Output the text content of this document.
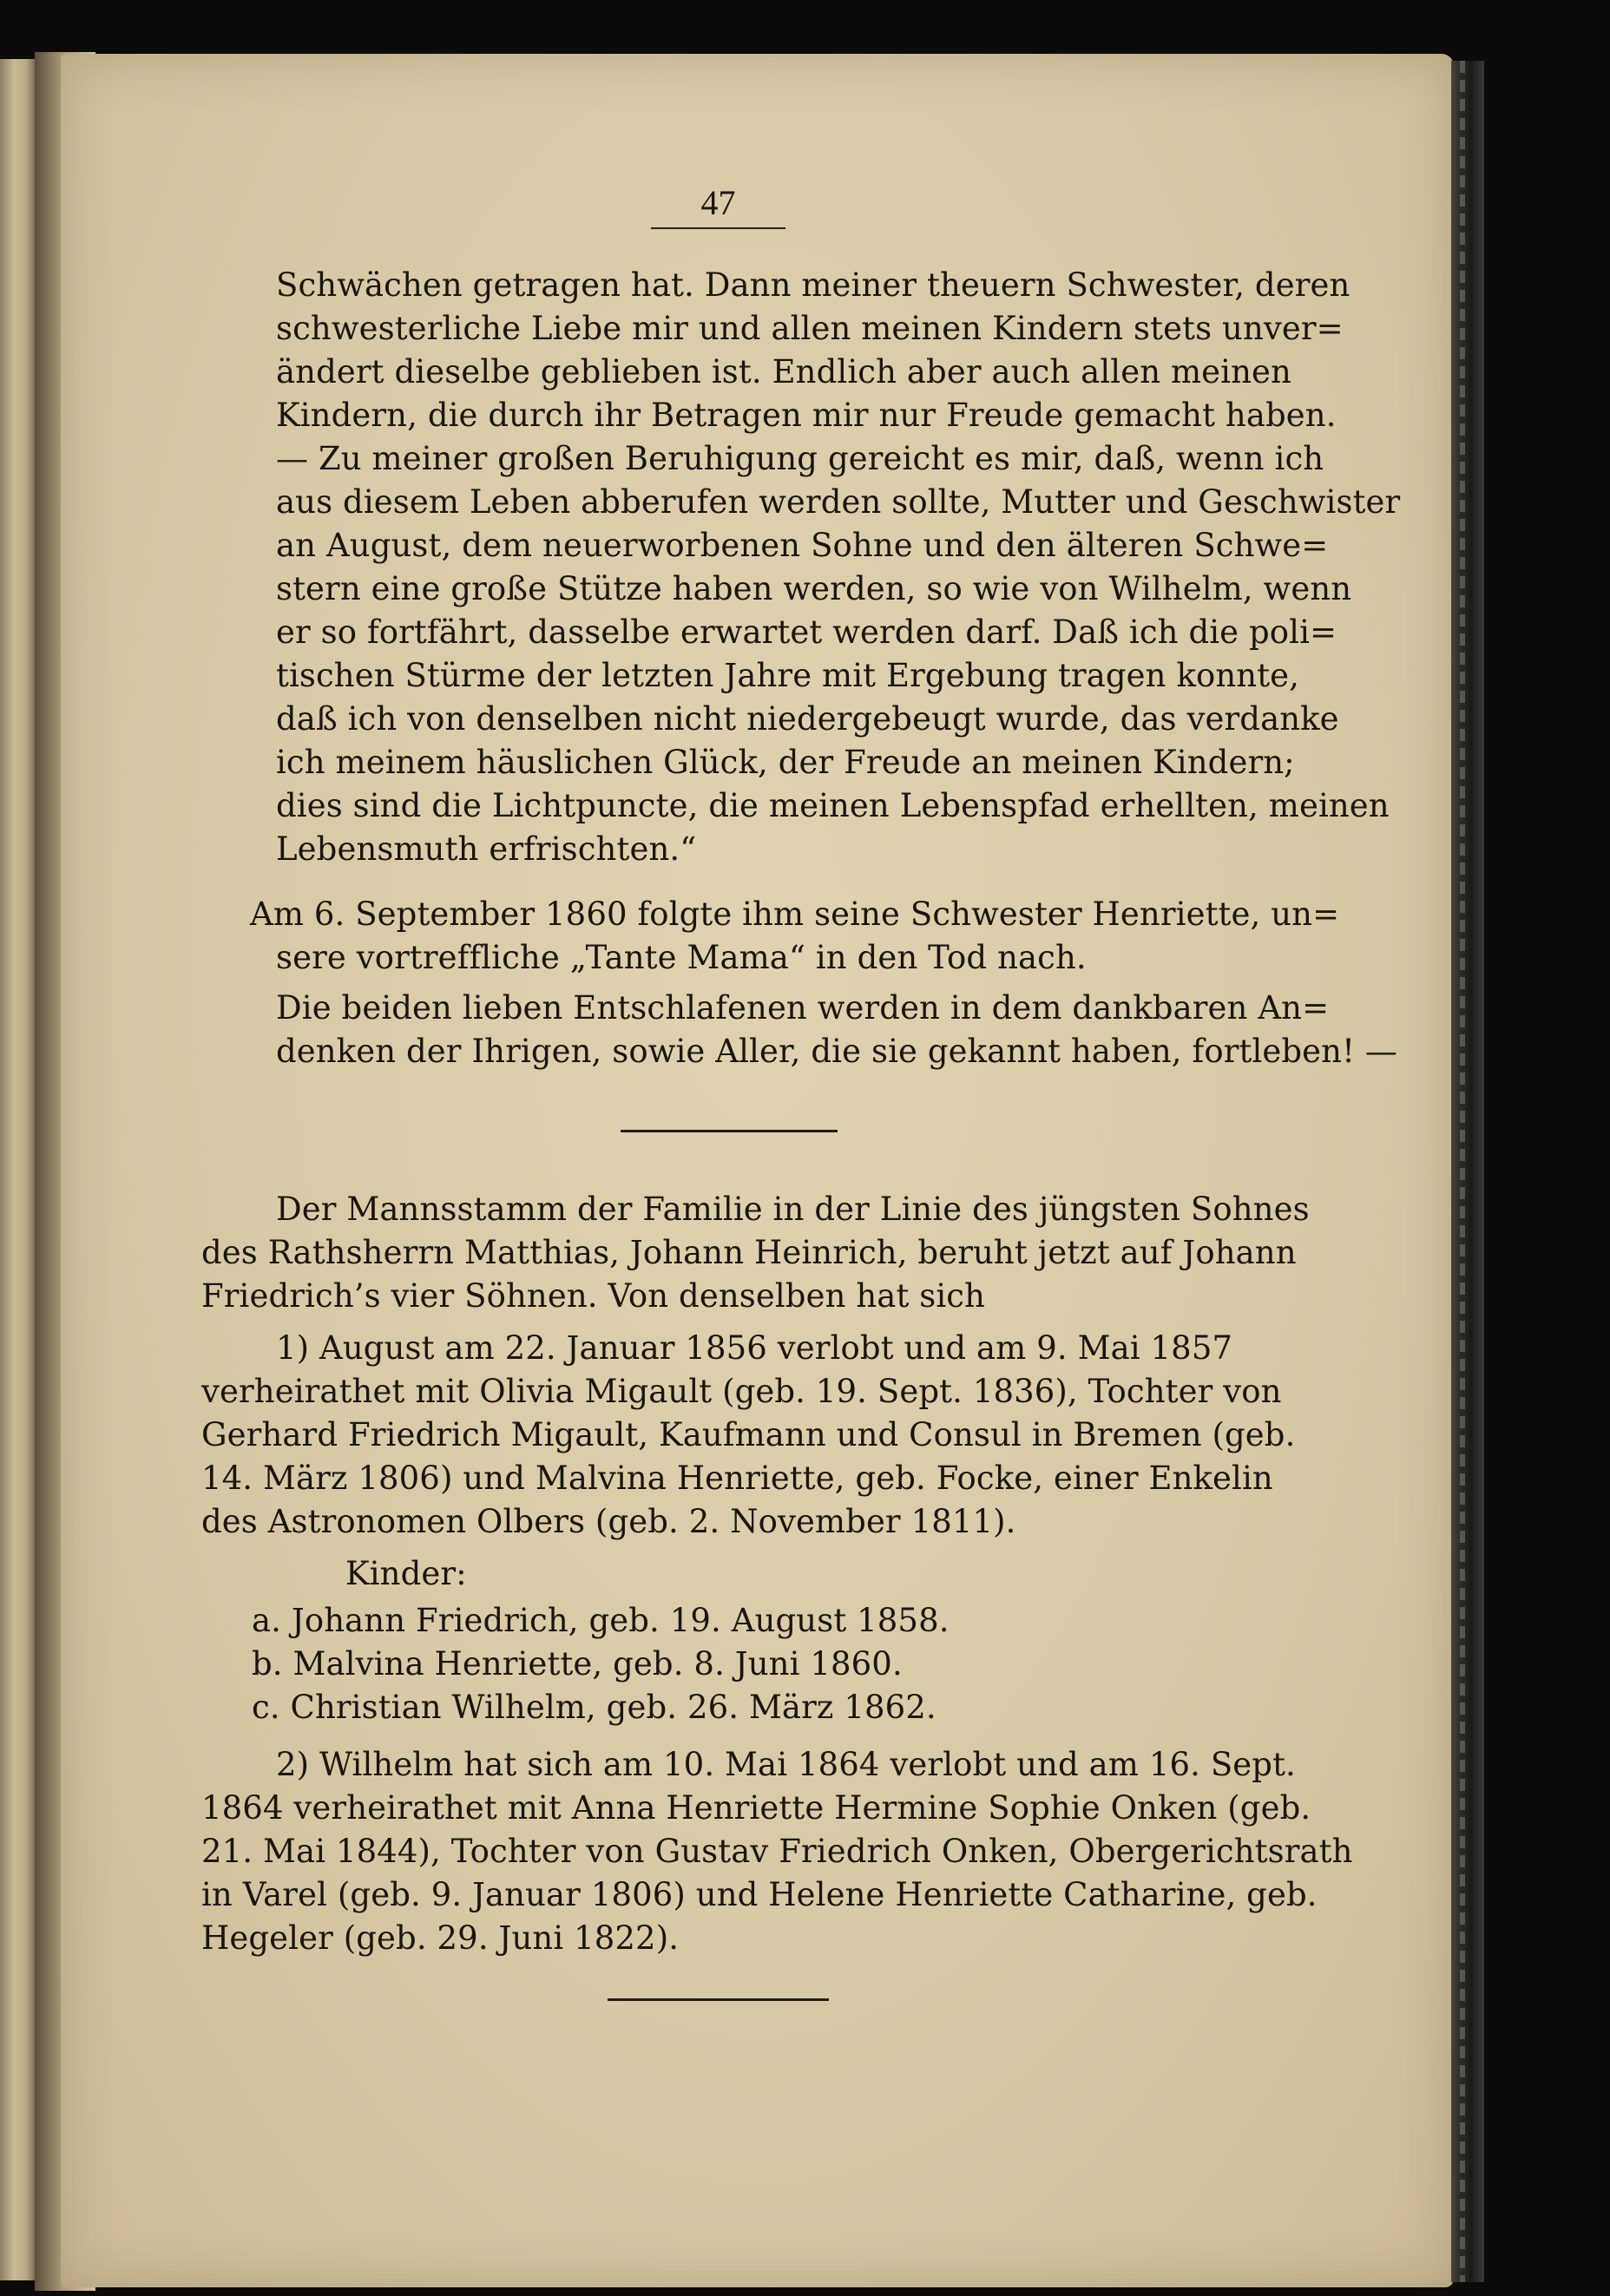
47
Schwächen getragen hat. Dann meiner theuern Schwester, deren
schwesterliche Liebe mir und allen meinen Kindern stets unver=
ändert dieselbe geblieben ist. Endlich aber auch allen meinen
Kindern, die durch ihr Betragen mir nur Freude gemacht haben.
— Zu meiner großen Beruhigung gereicht es mir, daß, wenn ich
aus diesem Leben abberufen werden sollte, Mutter und Geschwister
an August, dem neuerworbenen Sohne und den älteren Schwe=
stern eine große Stütze haben werden, so wie von Wilhelm, wenn
er so fortfährt, dasselbe erwartet werden darf. Daß ich die poli=
tischen Stürme der letzten Jahre mit Ergebung tragen konnte,
daß ich von denselben nicht niedergebeugt wurde, das verdanke
ich meinem häuslichen Glück, der Freude an meinen Kindern;
dies sind die Lichtpuncte, die meinen Lebenspfad erhellten, meinen
Lebensmuth erfrischten.“
Am 6. September 1860 folgte ihm seine Schwester Henriette, un=
sere vortreffliche „Tante Mama“ in den Tod nach.
Die beiden lieben Entschlafenen werden in dem dankbaren An=
denken der Ihrigen, sowie Aller, die sie gekannt haben, fortleben! —
Der Mannsstamm der Familie in der Linie des jüngsten Sohnes
des Rathsherrn Matthias, Johann Heinrich, beruht jetzt auf Johann
Friedrich’s vier Söhnen. Von denselben hat sich
1) August am 22. Januar 1856 verlobt und am 9. Mai 1857
verheirathet mit Olivia Migault (geb. 19. Sept. 1836), Tochter von
Gerhard Friedrich Migault, Kaufmann und Consul in Bremen (geb.
14. März 1806) und Malvina Henriette, geb. Focke, einer Enkelin
des Astronomen Olbers (geb. 2. November 1811).
Kinder:
a. Johann Friedrich, geb. 19. August 1858.
b. Malvina Henriette, geb. 8. Juni 1860.
c. Christian Wilhelm, geb. 26. März 1862.
2) Wilhelm hat sich am 10. Mai 1864 verlobt und am 16. Sept.
1864 verheirathet mit Anna Henriette Hermine Sophie Onken (geb.
21. Mai 1844), Tochter von Gustav Friedrich Onken, Obergerichtsrath
in Varel (geb. 9. Januar 1806) und Helene Henriette Catharine, geb.
Hegeler (geb. 29. Juni 1822).
